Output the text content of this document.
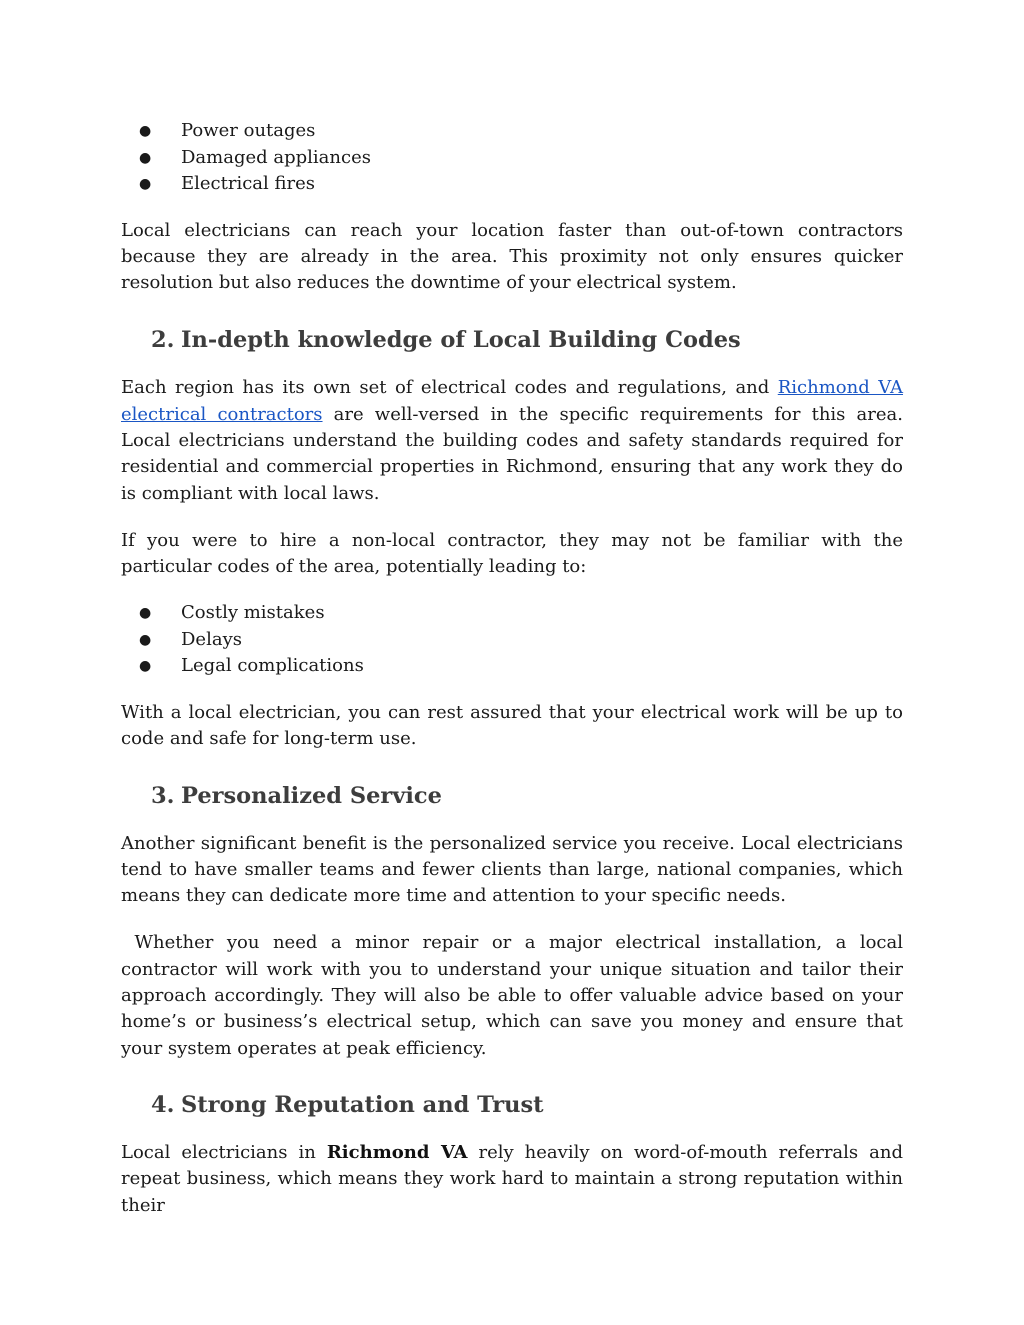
● Power outages
● Damaged appliances
● Electrical fires

Local electricians can reach your location faster than out-of-town contractors because they are already in the area. This proximity not only ensures quicker resolution but also reduces the downtime of your electrical system.

2. In-depth knowledge of Local Building Codes

Each region has its own set of electrical codes and regulations, and Richmond VA electrical contractors are well-versed in the specific requirements for this area. Local electricians understand the building codes and safety standards required for residential and commercial properties in Richmond, ensuring that any work they do is compliant with local laws.

If you were to hire a non-local contractor, they may not be familiar with the particular codes of the area, potentially leading to:

● Costly mistakes
● Delays
● Legal complications

With a local electrician, you can rest assured that your electrical work will be up to code and safe for long-term use.

3. Personalized Service

Another significant benefit is the personalized service you receive. Local electricians tend to have smaller teams and fewer clients than large, national companies, which means they can dedicate more time and attention to your specific needs.

Whether you need a minor repair or a major electrical installation, a local contractor will work with you to understand your unique situation and tailor their approach accordingly. They will also be able to offer valuable advice based on your home’s or business’s electrical setup, which can save you money and ensure that your system operates at peak efficiency.

4. Strong Reputation and Trust

Local electricians in Richmond VA rely heavily on word-of-mouth referrals and repeat business, which means they work hard to maintain a strong reputation within their
